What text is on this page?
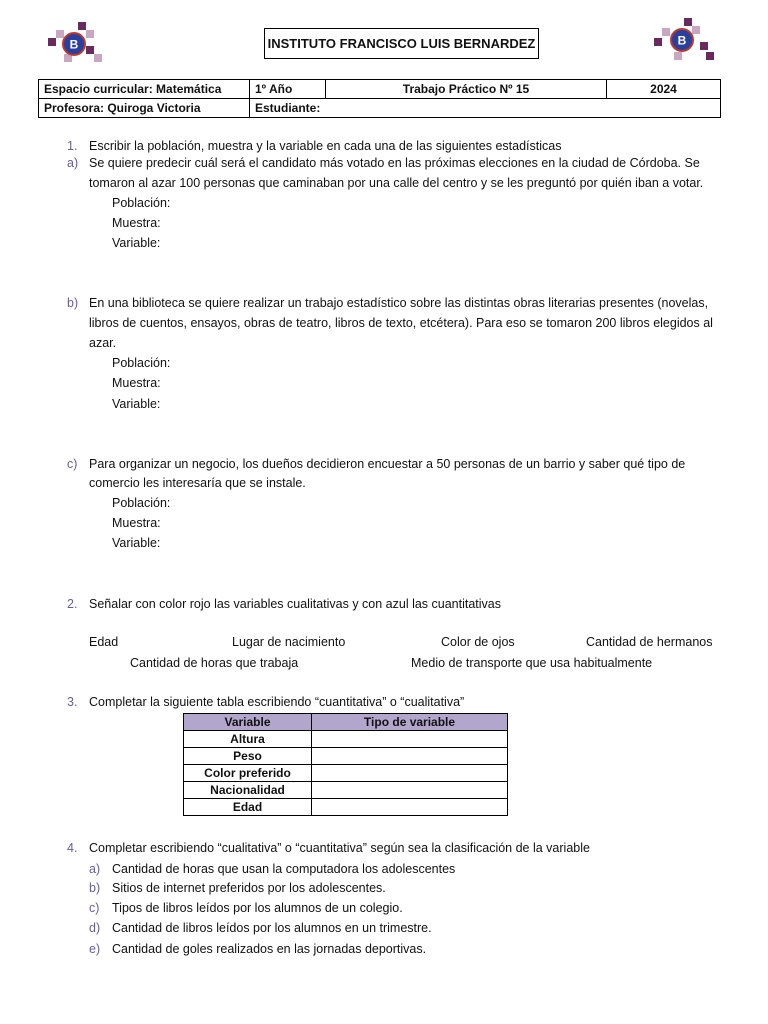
B	B
INSTITUTO FRANCISCO LUIS BERNARDEZ
Espacio curricular: Matemática	1º Año	Trabajo Práctico Nº 15	2024
Profesora: Quiroga Victoria	Estudiante:		
1. Escribir la población, muestra y la variable en cada una de las siguientes estadísticas
a) Se quiere predecir cuál será el candidato más votado en las próximas elecciones en la ciudad de Córdoba. Se
tomaron al azar 100 personas que caminaban por una calle del centro y se les preguntó por quién iban a votar.
Población:
Muestra:
Variable:
b) En una biblioteca se quiere realizar un trabajo estadístico sobre las distintas obras literarias presentes (novelas,
libros de cuentos, ensayos, obras de teatro, libros de texto, etcétera). Para eso se tomaron 200 libros elegidos al
azar.
Población:
Muestra:
Variable:
c) Para organizar un negocio, los dueños decidieron encuestar a 50 personas de un barrio y saber qué tipo de
comercio les interesaría que se instale.
Población:
Muestra:
Variable:
2. Señalar con color rojo las variables cualitativas y con azul las cuantitativas
Edad	Lugar de nacimiento	Color de ojos	Cantidad de hermanos
Cantidad de horas que trabaja	Medio de transporte que usa habitualmente
3. Completar la siguiente tabla escribiendo “cuantitativa” o “cualitativa”
Variable	Tipo de variable
Altura	
Peso	
Color preferido	
Nacionalidad	
Edad	
4. Completar escribiendo “cualitativa” o “cuantitativa” según sea la clasificación de la variable
a) Cantidad de horas que usan la computadora los adolescentes
b) Sitios de internet preferidos por los adolescentes.
c) Tipos de libros leídos por los alumnos de un colegio.
d) Cantidad de libros leídos por los alumnos en un trimestre.
e) Cantidad de goles realizados en las jornadas deportivas.
